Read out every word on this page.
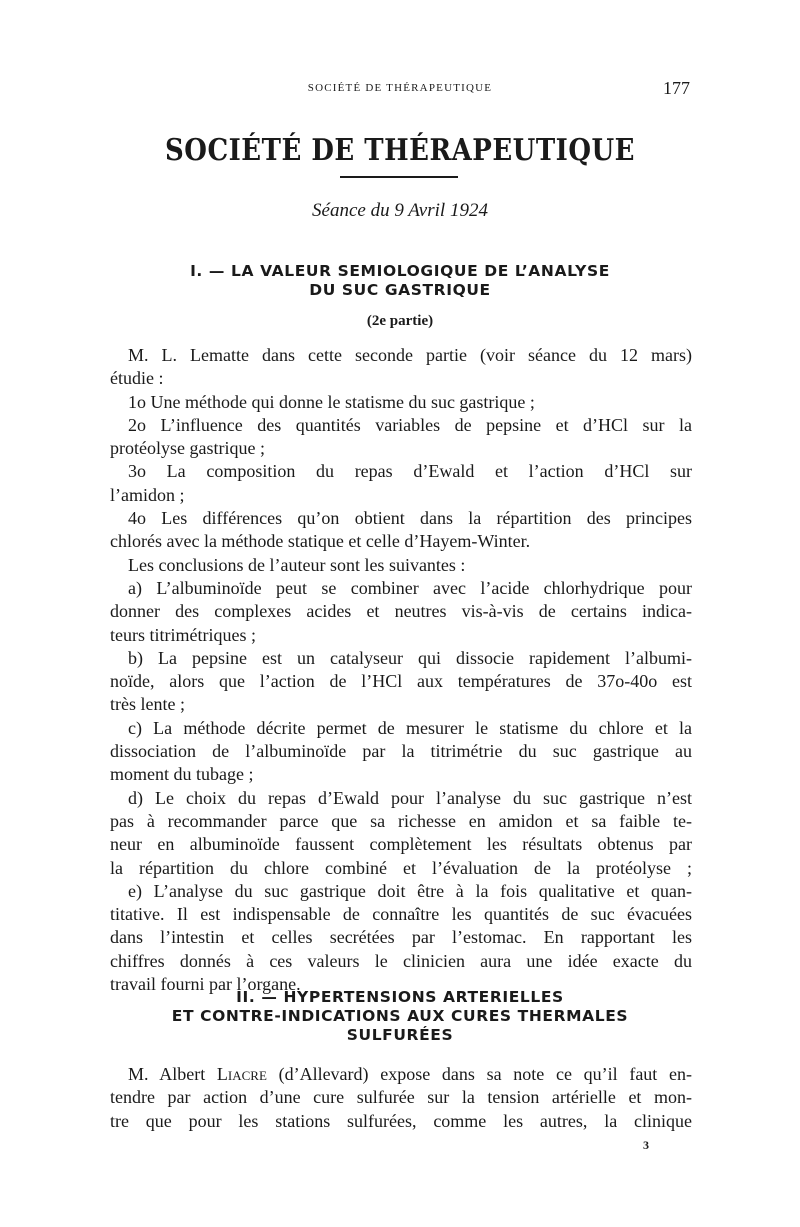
SOCIÉTÉ DE THÉRAPEUTIQUE	177
SOCIÉTÉ DE THÉRAPEUTIQUE
Séance du 9 Avril 1924
I. — LA VALEUR SEMIOLOGIQUE DE L’ANALYSE
DU SUC GASTRIQUE
(2e partie)
M. L. Lematte dans cette seconde partie (voir séance du 12 mars)
étudie :
1o Une méthode qui donne le statisme du suc gastrique ;
2o L’influence des quantités variables de pepsine et d’HCl sur la
protéolyse gastrique ;
3o La composition du repas d’Ewald et l’action d’HCl sur
l’amidon ;
4o Les différences qu’on obtient dans la répartition des principes
chlorés avec la méthode statique et celle d’Hayem-Winter.
Les conclusions de l’auteur sont les suivantes :
a) L’albuminoïde peut se combiner avec l’acide chlorhydrique pour
donner des complexes acides et neutres vis-à-vis de certains indica-
teurs titrimétriques ;
b) La pepsine est un catalyseur qui dissocie rapidement l’albumi-
noïde, alors que l’action de l’HCl aux températures de 37o-40o est
très lente ;
c) La méthode décrite permet de mesurer le statisme du chlore et la
dissociation de l’albuminoïde par la titrimétrie du suc gastrique au
moment du tubage ;
d) Le choix du repas d’Ewald pour l’analyse du suc gastrique n’est
pas à recommander parce que sa richesse en amidon et sa faible te-
neur en albuminoïde faussent complètement les résultats obtenus par
la répartition du chlore combiné et l’évaluation de la protéolyse ;
e) L’analyse du suc gastrique doit être à la fois qualitative et quan-
titative. Il est indispensable de connaître les quantités de suc évacuées
dans l’intestin et celles secrétées par l’estomac. En rapportant les
chiffres donnés à ces valeurs le clinicien aura une idée exacte du
travail fourni par l’organe.
II. — HYPERTENSIONS ARTERIELLES
ET CONTRE-INDICATIONS AUX CURES THERMALES
SULFURÉES
M. Albert Liacre (d’Allevard) expose dans sa note ce qu’il faut en-
tendre par action d’une cure sulfurée sur la tension artérielle et mon-
tre que pour les stations sulfurées, comme les autres, la clinique
3
